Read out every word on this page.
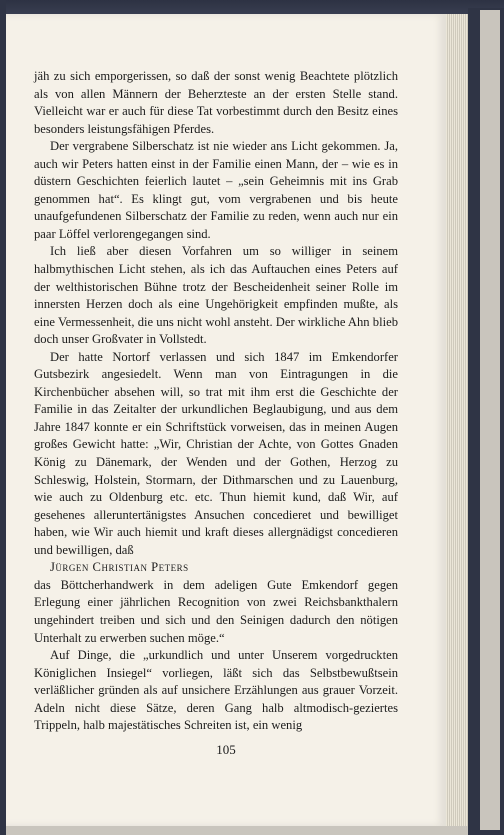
jäh zu sich emporgerissen, so daß der sonst wenig Beachtete plötzlich als von allen Männern der Beherzteste an der ersten Stelle stand. Vielleicht war er auch für diese Tat vorbestimmt durch den Besitz eines besonders leistungsfähigen Pferdes.

Der vergrabene Silberschatz ist nie wieder ans Licht gekommen. Ja, auch wir Peters hatten einst in der Familie einen Mann, der – wie es in düstern Geschichten feierlich lautet – „sein Geheimnis mit ins Grab genommen hat“. Es klingt gut, vom vergrabenen und bis heute unaufgefundenen Silberschatz der Familie zu reden, wenn auch nur ein paar Löffel verlorengegangen sind.

Ich ließ aber diesen Vorfahren um so williger in seinem halbmythischen Licht stehen, als ich das Auftauchen eines Peters auf der welthistorischen Bühne trotz der Bescheidenheit seiner Rolle im innersten Herzen doch als eine Ungehörigkeit empfinden mußte, als eine Vermessenheit, die uns nicht wohl ansteht. Der wirkliche Ahn blieb doch unser Großvater in Vollstedt.

Der hatte Nortorf verlassen und sich 1847 im Emkendorfer Gutsbezirk angesiedelt. Wenn man von Eintragungen in die Kirchenbücher absehen will, so trat mit ihm erst die Geschichte der Familie in das Zeitalter der urkundlichen Beglaubigung, und aus dem Jahre 1847 konnte er ein Schriftstück vorweisen, das in meinen Augen großes Gewicht hatte: „Wir, Christian der Achte, von Gottes Gnaden König zu Dänemark, der Wenden und der Gothen, Herzog zu Schleswig, Holstein, Stormarn, der Dithmarschen und zu Lauenburg, wie auch zu Oldenburg etc. etc. Thun hiemit kund, daß Wir, auf gesehenes alleruntertänigstes Ansuchen concedieret und bewilliget haben, wie Wir auch hiemit und kraft dieses allergnädigst concedieren und bewilligen, daß

Jürgen Christian Peters

das Böttcherhandwerk in dem adeligen Gute Emkendorf gegen Erlegung einer jährlichen Recognition von zwei Reichsbankthalern ungehindert treiben und sich und den Seinigen dadurch den nötigen Unterhalt zu erwerben suchen möge.“

Auf Dinge, die „urkundlich und unter Unserem vorgedruckten Königlichen Insiegel“ vorliegen, läßt sich das Selbstbewußtsein verläßlicher gründen als auf unsichere Erzählungen aus grauer Vorzeit. Adeln nicht diese Sätze, deren Gang halb altmodisch-geziertes Trippeln, halb majestätisches Schreiten ist, ein wenig

105
